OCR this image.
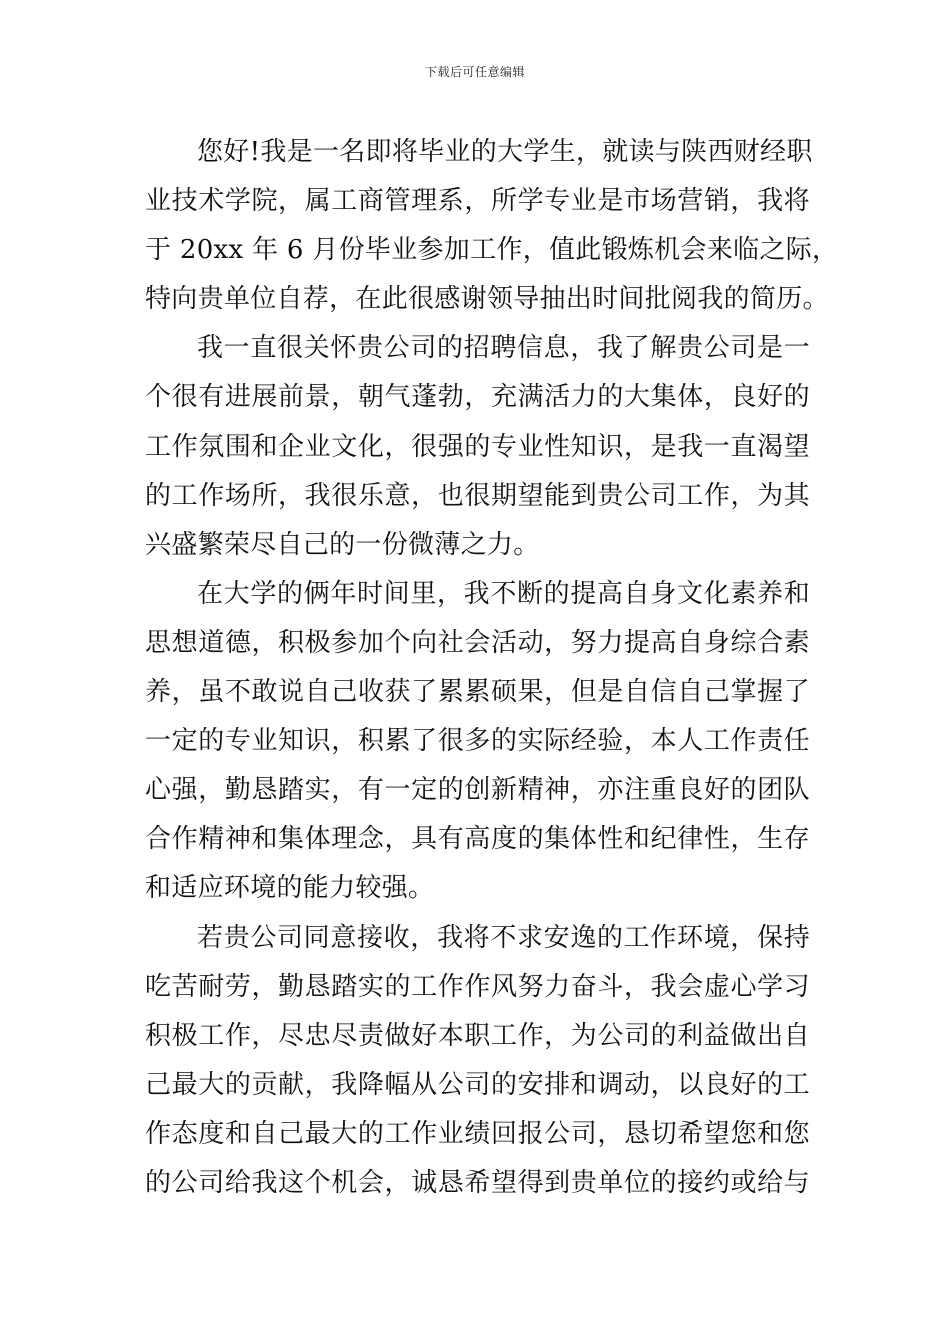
下载后可任意编辑
您好!我是一名即将毕业的大学生，就读与陕西财经职
业技术学院，属工商管理系，所学专业是市场营销，我将
于 20xx 年 6 月份毕业参加工作，值此锻炼机会来临之际，
特向贵单位自荐，在此很感谢领导抽出时间批阅我的简历。
我一直很关怀贵公司的招聘信息，我了解贵公司是一
个很有进展前景，朝气蓬勃，充满活力的大集体，良好的
工作氛围和企业文化，很强的专业性知识，是我一直渴望
的工作场所，我很乐意，也很期望能到贵公司工作，为其
兴盛繁荣尽自己的一份微薄之力。
在大学的俩年时间里，我不断的提高自身文化素养和
思想道德，积极参加个向社会活动，努力提高自身综合素
养，虽不敢说自己收获了累累硕果，但是自信自己掌握了
一定的专业知识，积累了很多的实际经验，本人工作责任
心强，勤恳踏实，有一定的创新精神，亦注重良好的团队
合作精神和集体理念，具有高度的集体性和纪律性，生存
和适应环境的能力较强。
若贵公司同意接收，我将不求安逸的工作环境，保持
吃苦耐劳，勤恳踏实的工作作风努力奋斗，我会虚心学习
积极工作，尽忠尽责做好本职工作，为公司的利益做出自
己最大的贡献，我降幅从公司的安排和调动，以良好的工
作态度和自己最大的工作业绩回报公司，恳切希望您和您
的公司给我这个机会，诚恳希望得到贵单位的接约或给与
